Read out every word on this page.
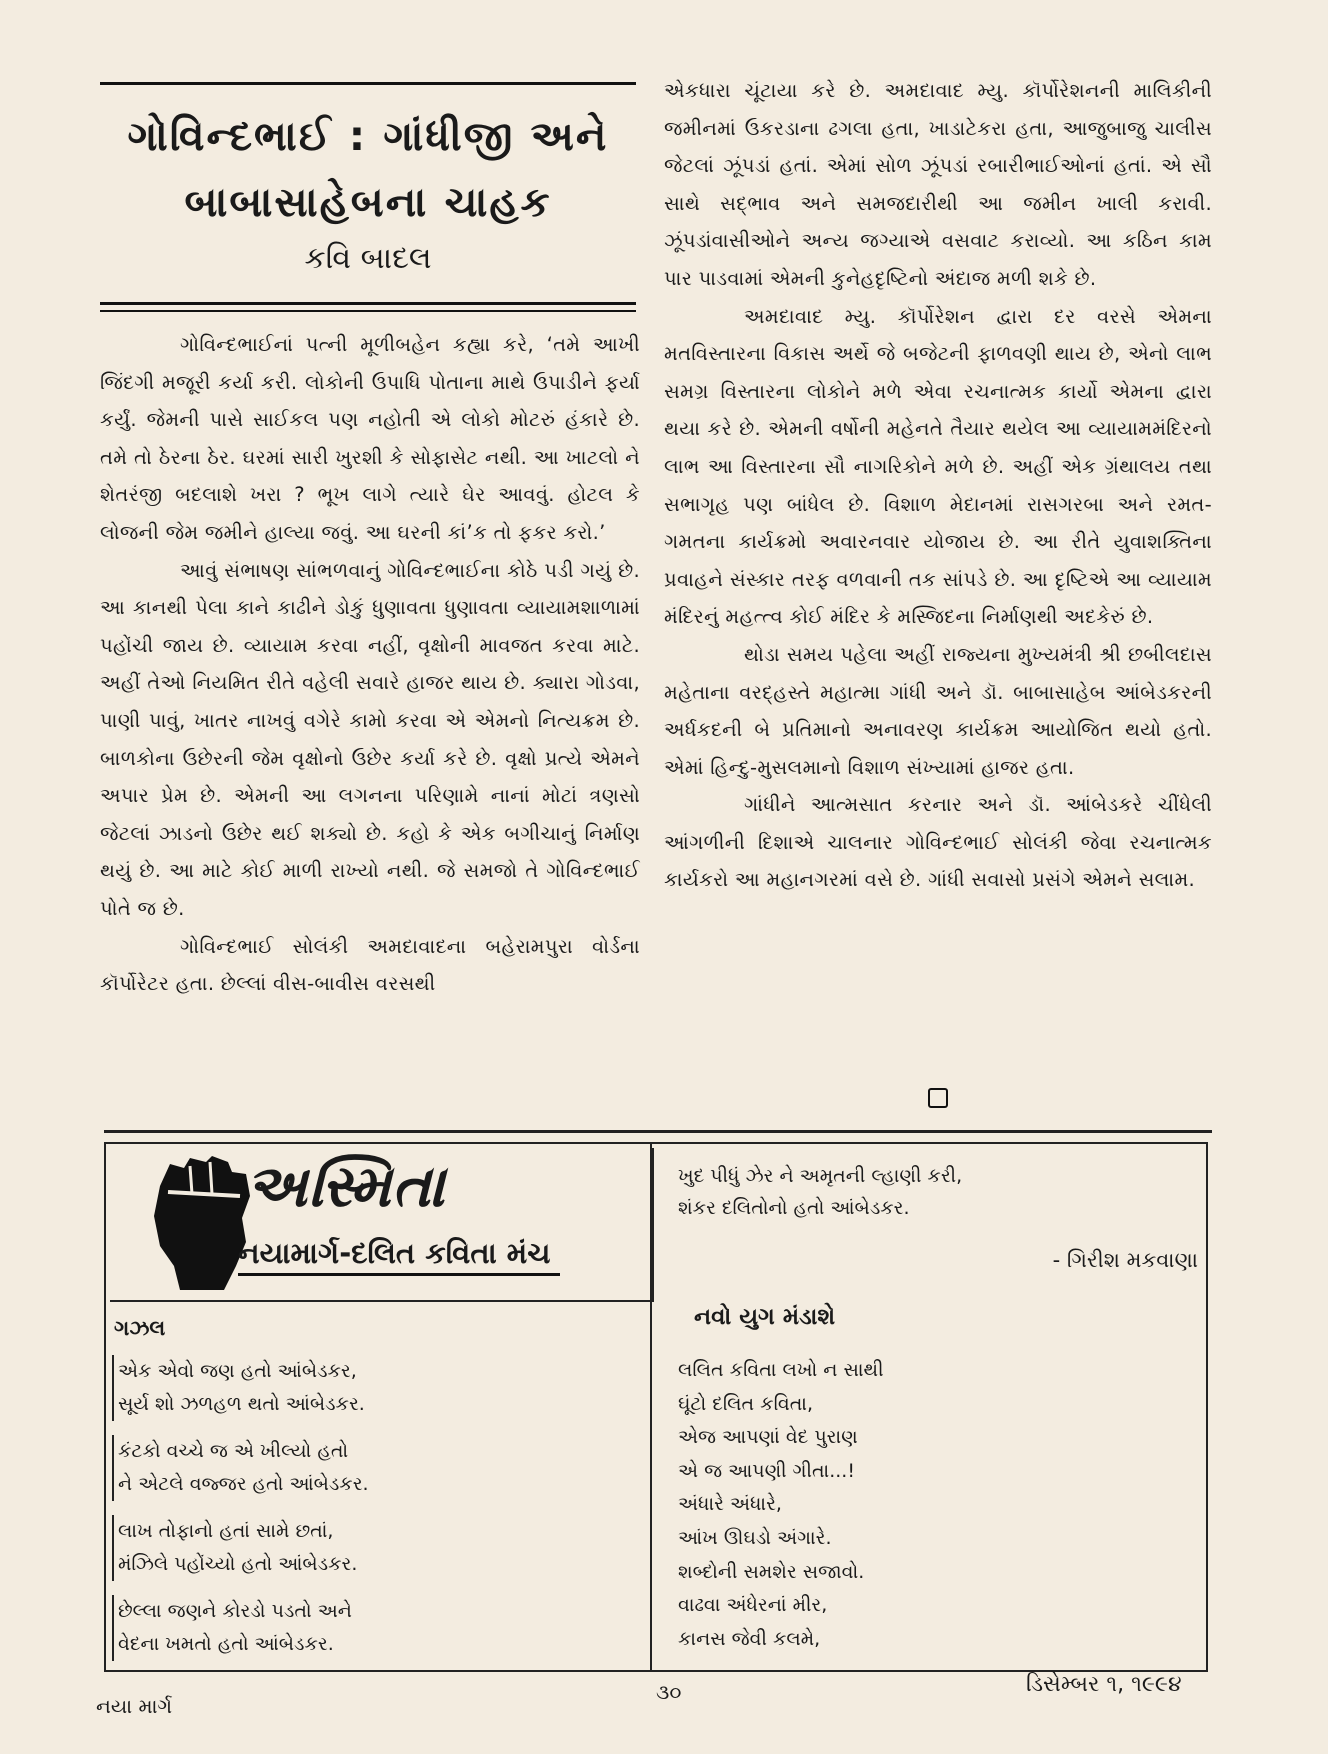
ગોવિન્દભાઈ : ગાંધીજી અને
બાબાસાહેબના ચાહક
કવિ બાદલ

ગોવિન્દભાઈનાં પત્ની મૂળીબહેન કહ્યા કરે, ‘તમે આખી જિંદગી મજૂરી કર્યા કરી. લોકોની ઉપાધિ પોતાના માથે ઉપાડીને ફર્યા કર્યું. જેમની પાસે સાઈકલ પણ નહોતી એ લોકો મોટરું હંકારે છે. તમે તો ઠેરના ઠેર. ઘરમાં સારી ખુરશી કે સોફાસેટ નથી. આ ખાટલો ને શેતરંજી બદલાશે ખરા ? ભૂખ લાગે ત્યારે ઘેર આવવું. હોટલ કે લોજની જેમ જમીને હાલ્યા જવું. આ ઘરની કાં’ક તો ફકર કરો.’

આવું સંભાષણ સાંભળવાનું ગોવિન્દભાઈના કોઠે પડી ગયું છે. આ કાનથી પેલા કાને કાઢીને ડોકું ધુણાવતા ધુણાવતા વ્યાયામશાળામાં પહોંચી જાય છે. વ્યાયામ કરવા નહીં, વૃક્ષોની માવજત કરવા માટે. અહીં તેઓ નિયમિત રીતે વહેલી સવારે હાજર થાય છે. ક્યારા ગોડવા, પાણી પાવું, ખાતર નાખવું વગેરે કામો કરવા એ એમનો નિત્યક્રમ છે. બાળકોના ઉછેરની જેમ વૃક્ષોનો ઉછેર કર્યા કરે છે. વૃક્ષો પ્રત્યે એમને અપાર પ્રેમ છે. એમની આ લગનના પરિણામે નાનાં મોટાં ત્રણસો જેટલાં ઝાડનો ઉછેર થઈ શક્યો છે. કહો કે એક બગીચાનું નિર્માણ થયું છે. આ માટે કોઈ માળી રાખ્યો નથી. જે સમજો તે ગોવિન્દભાઈ પોતે જ છે.

ગોવિન્દભાઈ સોલંકી અમદાવાદના બહેરામપુરા વોર્ડના કૉર્પોરેટર હતા. છેલ્લાં વીસ-બાવીસ વરસથી

એકધારા ચૂંટાયા કરે છે. અમદાવાદ મ્યુ. કૉર્પોરેશનની માલિકીની જમીનમાં ઉકરડાના ઢગલા હતા, ખાડાટેકરા હતા, આજુબાજુ ચાલીસ જેટલાં ઝૂંપડાં હતાં. એમાં સોળ ઝૂંપડાં રબારીભાઈઓનાં હતાં. એ સૌ સાથે સદ્ભાવ અને સમજદારીથી આ જમીન ખાલી કરાવી. ઝૂંપડાંવાસીઓને અન્ય જગ્યાએ વસવાટ કરાવ્યો. આ કઠિન કામ પાર પાડવામાં એમની કુનેહદૃષ્ટિનો અંદાજ મળી શકે છે.

અમદાવાદ મ્યુ. કૉર્પોરેશન દ્વારા દર વરસે એમના મતવિસ્તારના વિકાસ અર્થે જે બજેટની ફાળવણી થાય છે, એનો લાભ સમગ્ર વિસ્તારના લોકોને મળે એવા રચનાત્મક કાર્યો એમના દ્વારા થયા કરે છે. એમની વર્ષોની મહેનતે તૈયાર થયેલ આ વ્યાયામમંદિરનો લાભ આ વિસ્તારના સૌ નાગરિકોને મળે છે. અહીં એક ગ્રંથાલય તથા સભાગૃહ પણ બાંધેલ છે. વિશાળ મેદાનમાં રાસગરબા અને રમત-ગમતના કાર્યક્રમો અવારનવાર યોજાય છે. આ રીતે યુવાશક્તિના પ્રવાહને સંસ્કાર તરફ વળવાની તક સાંપડે છે. આ દૃષ્ટિએ આ વ્યાયામ મંદિરનું મહત્ત્વ કોઈ મંદિર કે મસ્જિદના નિર્માણથી અદકેરું છે.

થોડા સમય પહેલા અહીં રાજ્યના મુખ્યમંત્રી શ્રી છબીલદાસ મહેતાના વરદ્હસ્તે મહાત્મા ગાંધી અને ડૉ. બાબાસાહેબ આંબેડકરની અર્ધકદની બે પ્રતિમાનો અનાવરણ કાર્યક્રમ આયોજિત થયો હતો. એમાં હિન્દુ-મુસલમાનો વિશાળ સંખ્યામાં હાજર હતા.

ગાંધીને આત્મસાત કરનાર અને ડૉ. આંબેડકરે ચીંધેલી આંગળીની દિશાએ ચાલનાર ગોવિન્દભાઈ સોલંકી જેવા રચનાત્મક કાર્યકરો આ મહાનગરમાં વસે છે. ગાંધી સવાસો પ્રસંગે એમને સલામ.

અસ્મિતા
નયામાર્ગ-દલિત કવિતા મંચ
ગઝલ
એક એવો જણ હતો આંબેડકર,
સૂર્ય શો ઝળહળ થતો આંબેડકર.
કંટકો વચ્ચે જ એ ખીલ્યો હતો
ને એટલે વજ્જર હતો આંબેડકર.
લાખ તોફાનો હતાં સામે છતાં,
મંઝિલે પહોંચ્યો હતો આંબેડકર.
છેલ્લા જણને કોરડો પડતો અને
વેદના ખમતો હતો આંબેડકર.
ખુદ પીધું ઝેર ને અમૃતની લ્હાણી કરી,
શંકર દલિતોનો હતો આંબેડકર.
- ગિરીશ મકવાણા
નવો યુગ મંડાશે
લલિત કવિતા લખો ન સાથી
ઘૂંટો દલિત કવિતા,
એજ આપણાં વેદ પુરાણ
એ જ આપણી ગીતા...!
અંધારે અંધારે,
આંખ ઊઘડો અંગારે.
શબ્દોની સમશેર સજાવો.
વાઢવા અંધેરનાં મીર,
કાનસ જેવી કલમે,
નયા માર્ગ
૩૦	ડિસેમ્બર ૧, ૧૯૯૪
